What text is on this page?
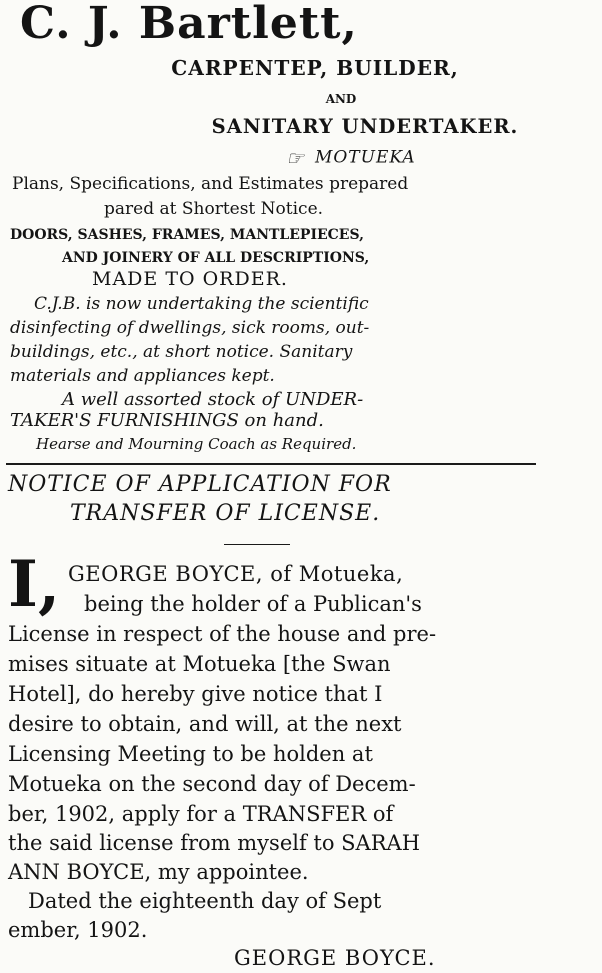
C. J. Bartlett,
CARPENTEP, BUILDER,
AND
SANITARY UNDERTAKER.
☞ MOTUEKA
Plans, Specifications, and Estimates prepared
pared at Shortest Notice.
DOORS, SASHES, FRAMES, MANTLEPIECES,
AND JOINERY OF ALL DESCRIPTIONS,
MADE TO ORDER.
C.J.B. is now undertaking the scientific
disinfecting of dwellings, sick rooms, out-
buildings, etc., at short notice. Sanitary
materials and appliances kept.
A well assorted stock of UNDER-
TAKER'S FURNISHINGS on hand.
Hearse and Mourning Coach as Required.
NOTICE OF APPLICATION FOR
TRANSFER OF LICENSE.
I, GEORGE BOYCE, of Motueka,
being the holder of a Publican's
License in respect of the house and pre-
mises situate at Motueka [the Swan
Hotel], do hereby give notice that I
desire to obtain, and will, at the next
Licensing Meeting to be holden at
Motueka on the second day of Decem-
ber, 1902, apply for a TRANSFER of
the said license from myself to SARAH
ANN BOYCE, my appointee.
Dated the eighteenth day of Sept
ember, 1902.
GEORGE BOYCE.
